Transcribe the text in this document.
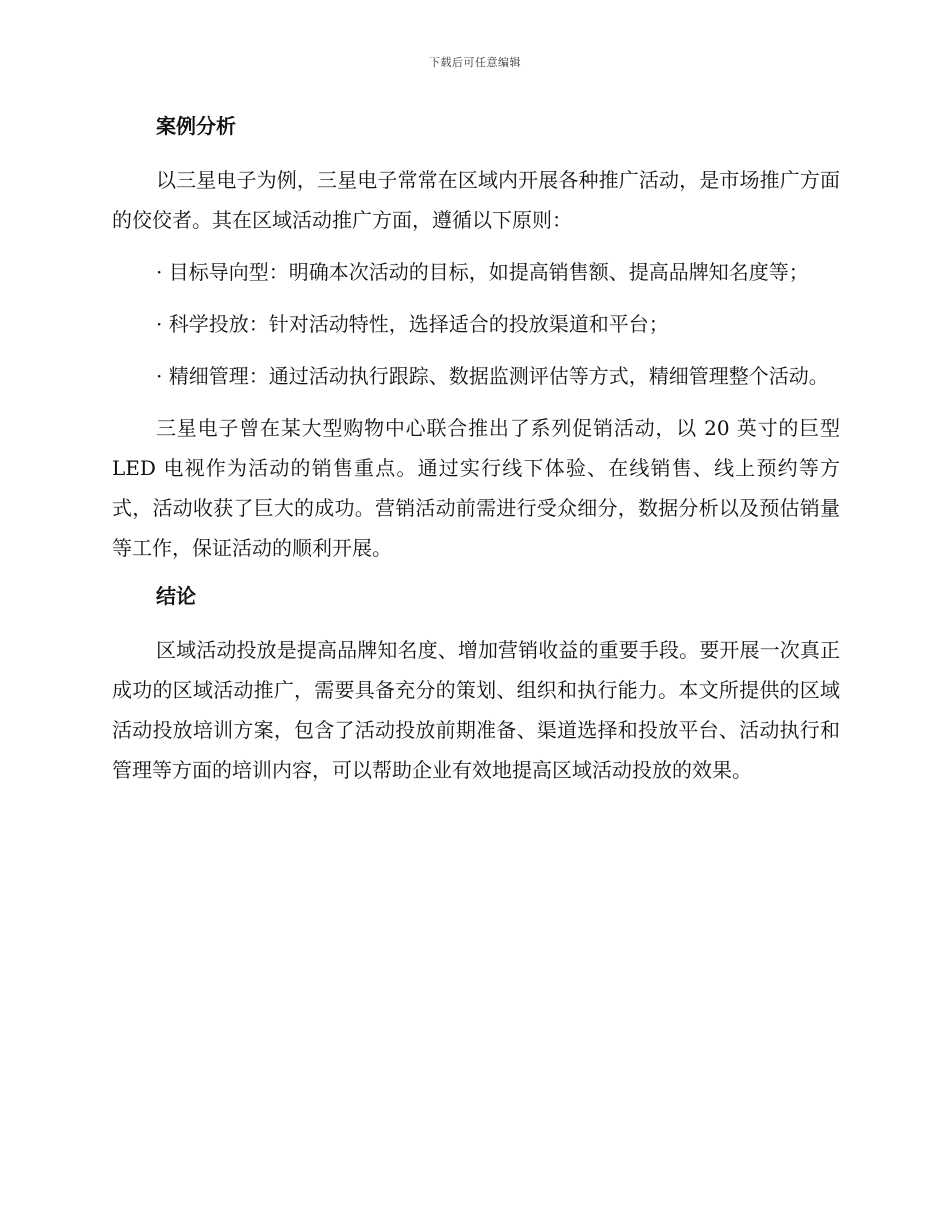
下载后可任意编辑
案例分析

以三星电子为例，三星电子常常在区域内开展各种推广活动，是市场推广方面的佼佼者。其在区域活动推广方面，遵循以下原则：

· 目标导向型：明确本次活动的目标，如提高销售额、提高品牌知名度等；

· 科学投放：针对活动特性，选择适合的投放渠道和平台；

· 精细管理：通过活动执行跟踪、数据监测评估等方式，精细管理整个活动。

三星电子曾在某大型购物中心联合推出了系列促销活动，以 20 英寸的巨型 LED 电视作为活动的销售重点。通过实行线下体验、在线销售、线上预约等方式，活动收获了巨大的成功。营销活动前需进行受众细分，数据分析以及预估销量等工作，保证活动的顺利开展。

结论

区域活动投放是提高品牌知名度、增加营销收益的重要手段。要开展一次真正成功的区域活动推广，需要具备充分的策划、组织和执行能力。本文所提供的区域活动投放培训方案，包含了活动投放前期准备、渠道选择和投放平台、活动执行和管理等方面的培训内容，可以帮助企业有效地提高区域活动投放的效果。
